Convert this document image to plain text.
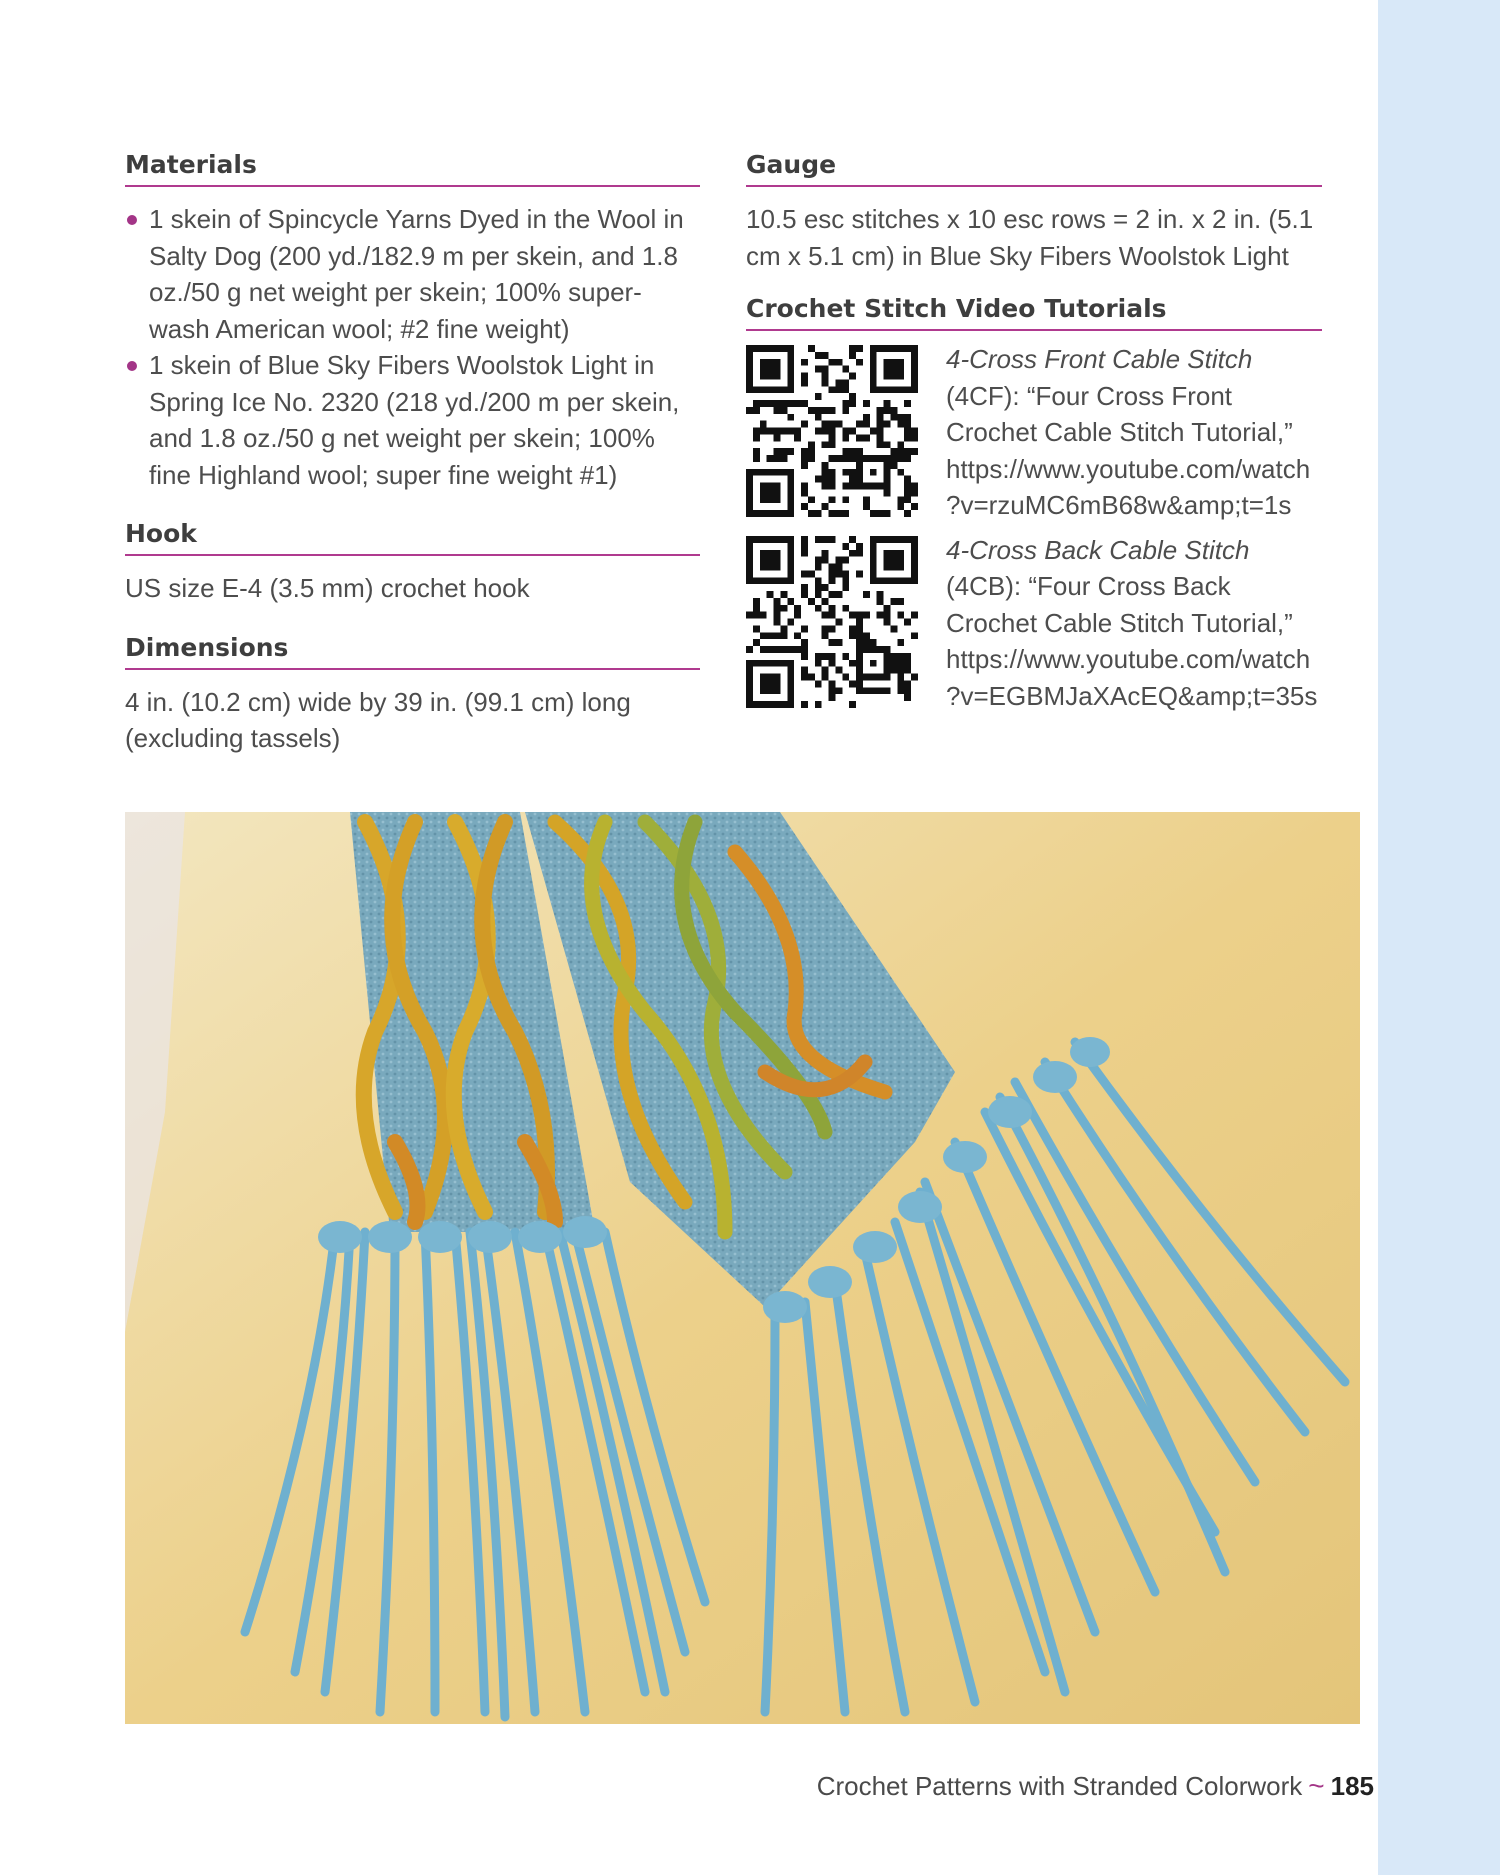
Materials
1 skein of Spincycle Yarns Dyed in the Wool in Salty Dog (200 yd./182.9 m per skein, and 1.8 oz./50 g net weight per skein; 100% super-wash American wool; #2 fine weight)
1 skein of Blue Sky Fibers Woolstok Light in Spring Ice No. 2320 (218 yd./200 m per skein, and 1.8 oz./50 g net weight per skein; 100% fine Highland wool; super fine weight #1)
Hook

US size E-4 (3.5 mm) crochet hook

Dimensions

4 in. (10.2 cm) wide by 39 in. (99.1 cm) long (excluding tassels)

Gauge

10.5 esc stitches x 10 esc rows = 2 in. x 2 in. (5.1 cm x 5.1 cm) in Blue Sky Fibers Woolstok Light

Crochet Stitch Video Tutorials
4-Cross Front Cable Stitch
(4CF): “Four Cross Front Crochet Cable Stitch Tutorial,”
https://www.youtube.com/watch
?v=rzuMC6mB68w&amp;t=1s
4-Cross Back Cable Stitch
(4CB): “Four Cross Back Crochet Cable Stitch Tutorial,”
https://www.youtube.com/watch
?v=EGBMJaXAcEQ&amp;t=35s
Crochet Patterns with Stranded Colorwork ~ 185
